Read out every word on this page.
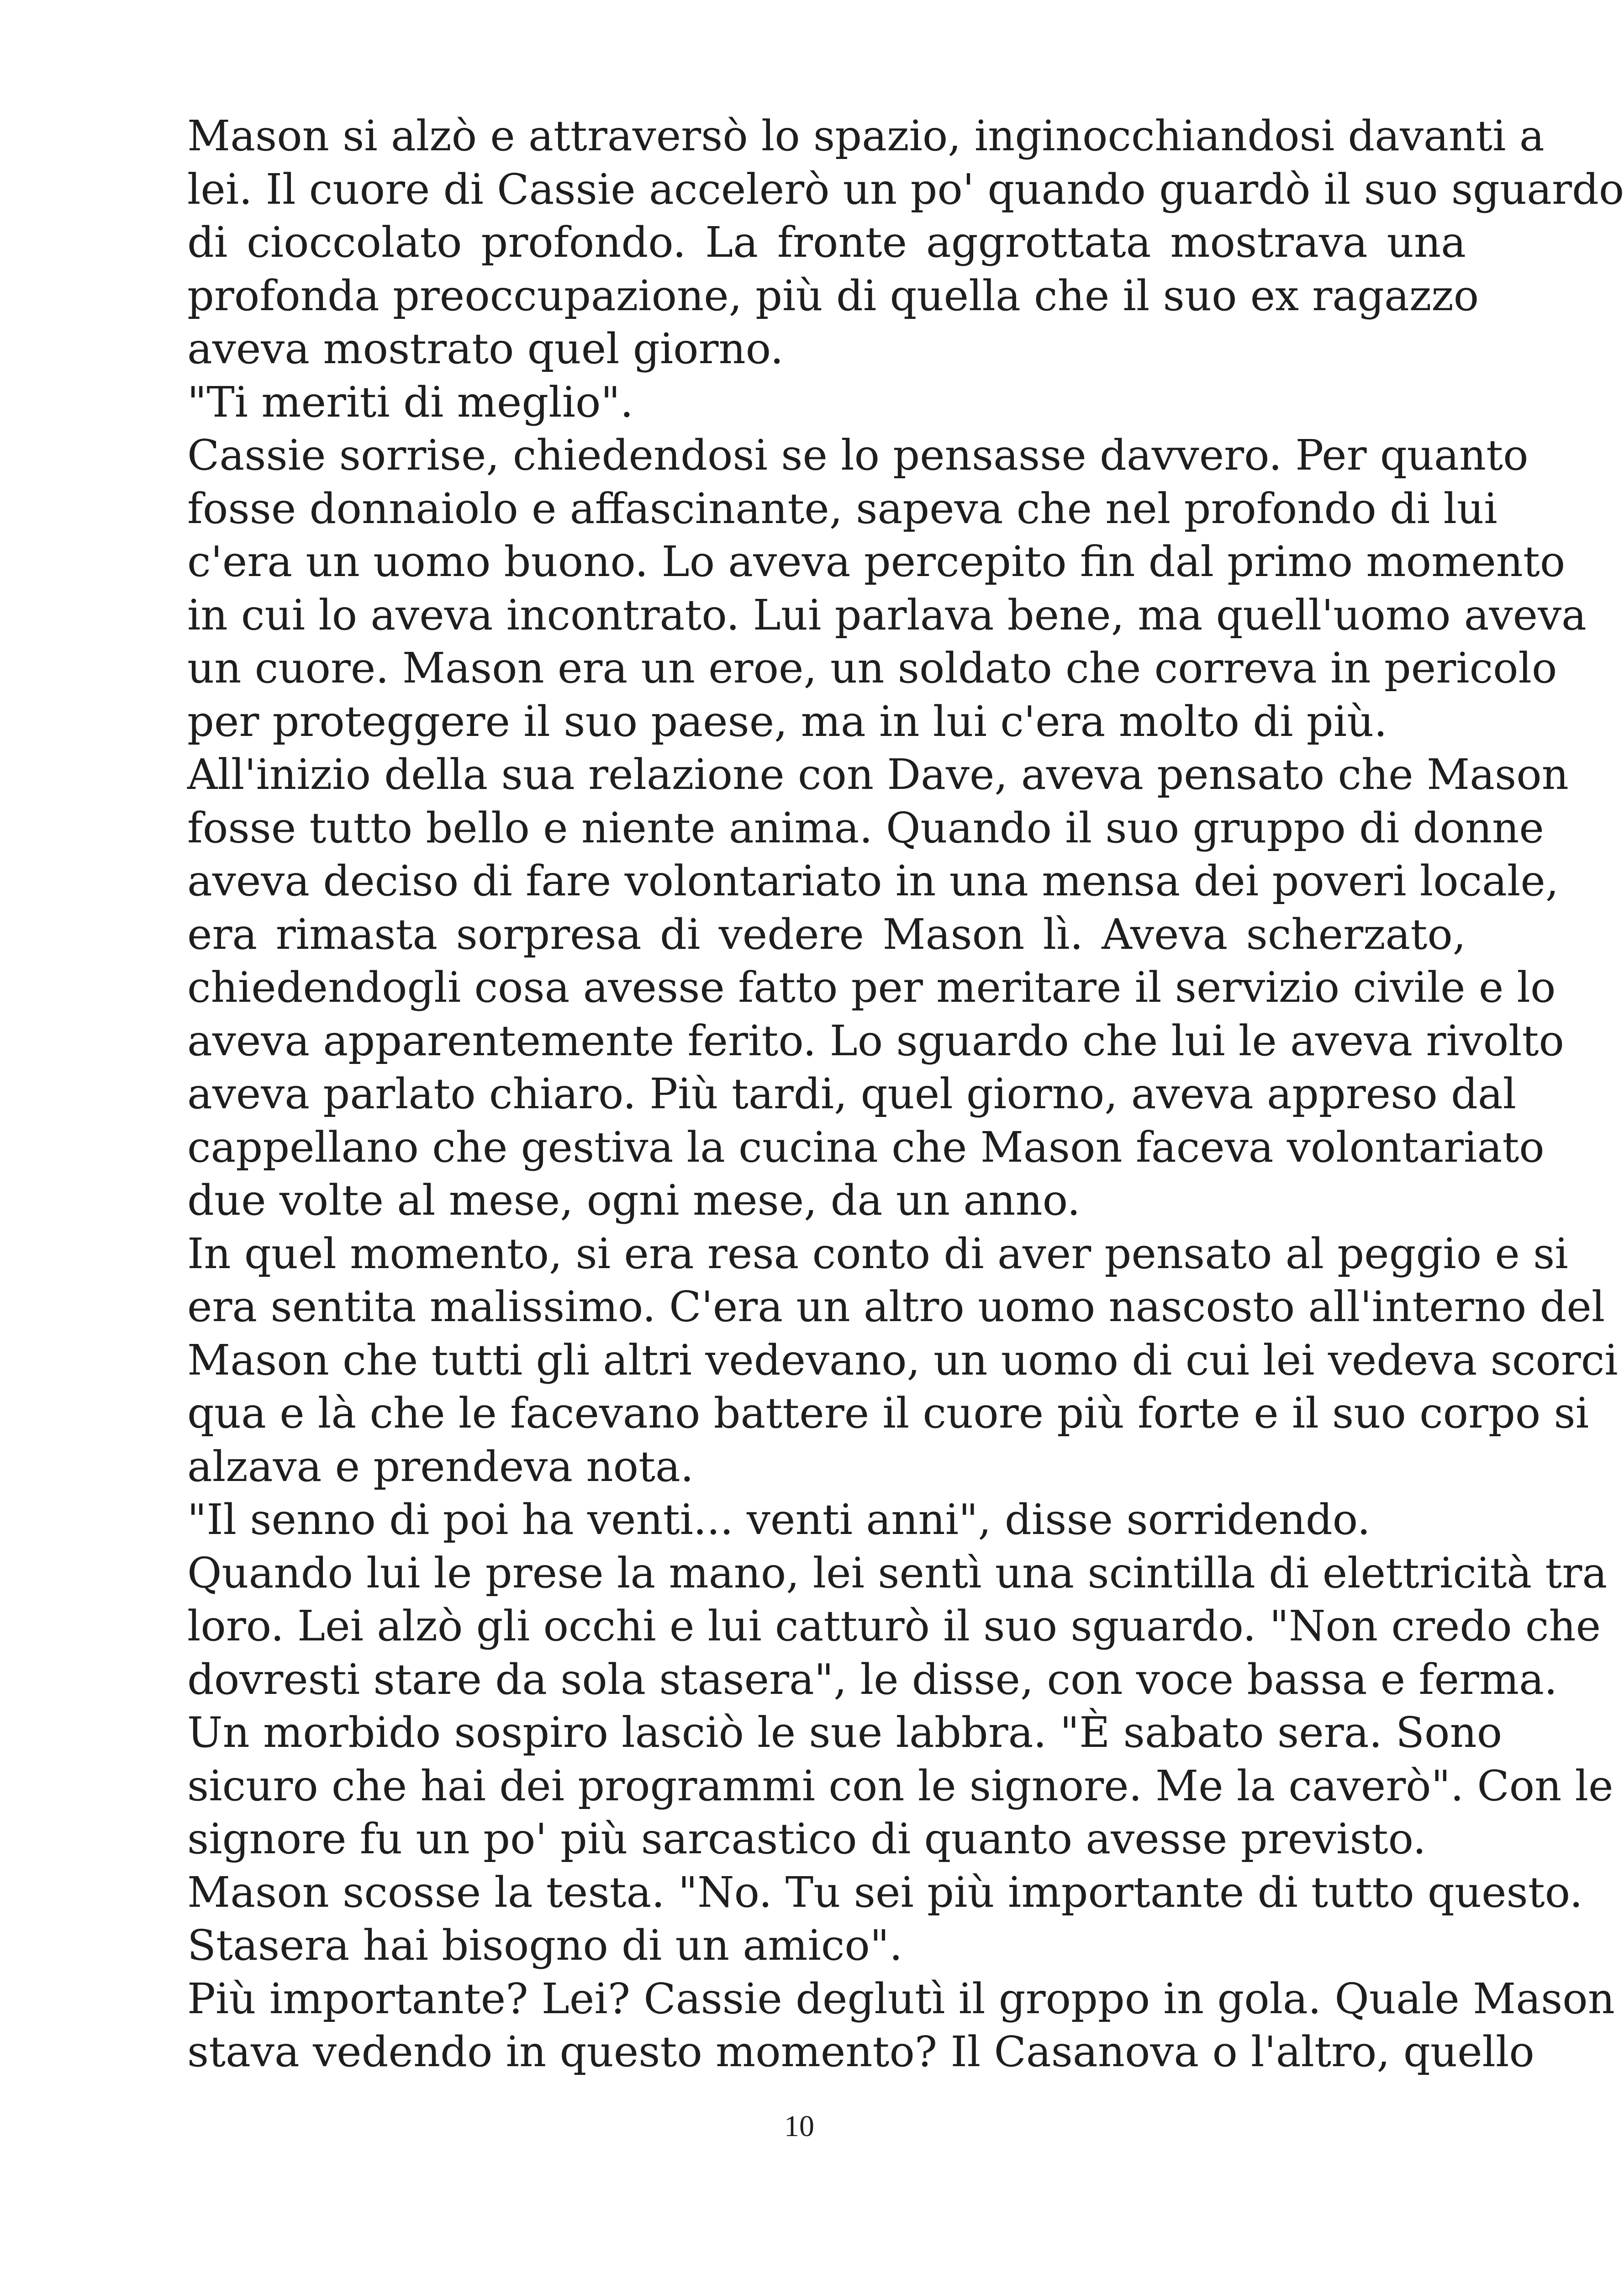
Mason si alzò e attraversò lo spazio, inginocchiandosi davanti a
lei. Il cuore di Cassie accelerò un po' quando guardò il suo sguardo
di cioccolato profondo. La fronte aggrottata mostrava una
profonda preoccupazione, più di quella che il suo ex ragazzo
aveva mostrato quel giorno.
"Ti meriti di meglio".
Cassie sorrise, chiedendosi se lo pensasse davvero. Per quanto
fosse donnaiolo e affascinante, sapeva che nel profondo di lui
c'era un uomo buono. Lo aveva percepito fin dal primo momento
in cui lo aveva incontrato. Lui parlava bene, ma quell'uomo aveva
un cuore. Mason era un eroe, un soldato che correva in pericolo
per proteggere il suo paese, ma in lui c'era molto di più.
All'inizio della sua relazione con Dave, aveva pensato che Mason
fosse tutto bello e niente anima. Quando il suo gruppo di donne
aveva deciso di fare volontariato in una mensa dei poveri locale,
era rimasta sorpresa di vedere Mason lì. Aveva scherzato,
chiedendogli cosa avesse fatto per meritare il servizio civile e lo
aveva apparentemente ferito. Lo sguardo che lui le aveva rivolto
aveva parlato chiaro. Più tardi, quel giorno, aveva appreso dal
cappellano che gestiva la cucina che Mason faceva volontariato
due volte al mese, ogni mese, da un anno.
In quel momento, si era resa conto di aver pensato al peggio e si
era sentita malissimo. C'era un altro uomo nascosto all'interno del
Mason che tutti gli altri vedevano, un uomo di cui lei vedeva scorci
qua e là che le facevano battere il cuore più forte e il suo corpo si
alzava e prendeva nota.
"Il senno di poi ha venti... venti anni", disse sorridendo.
Quando lui le prese la mano, lei sentì una scintilla di elettricità tra
loro. Lei alzò gli occhi e lui catturò il suo sguardo. "Non credo che
dovresti stare da sola stasera", le disse, con voce bassa e ferma.
Un morbido sospiro lasciò le sue labbra. "È sabato sera. Sono
sicuro che hai dei programmi con le signore. Me la caverò". Con le
signore fu un po' più sarcastico di quanto avesse previsto.
Mason scosse la testa. "No. Tu sei più importante di tutto questo.
Stasera hai bisogno di un amico".
Più importante? Lei? Cassie deglutì il groppo in gola. Quale Mason
stava vedendo in questo momento? Il Casanova o l'altro, quello
10
